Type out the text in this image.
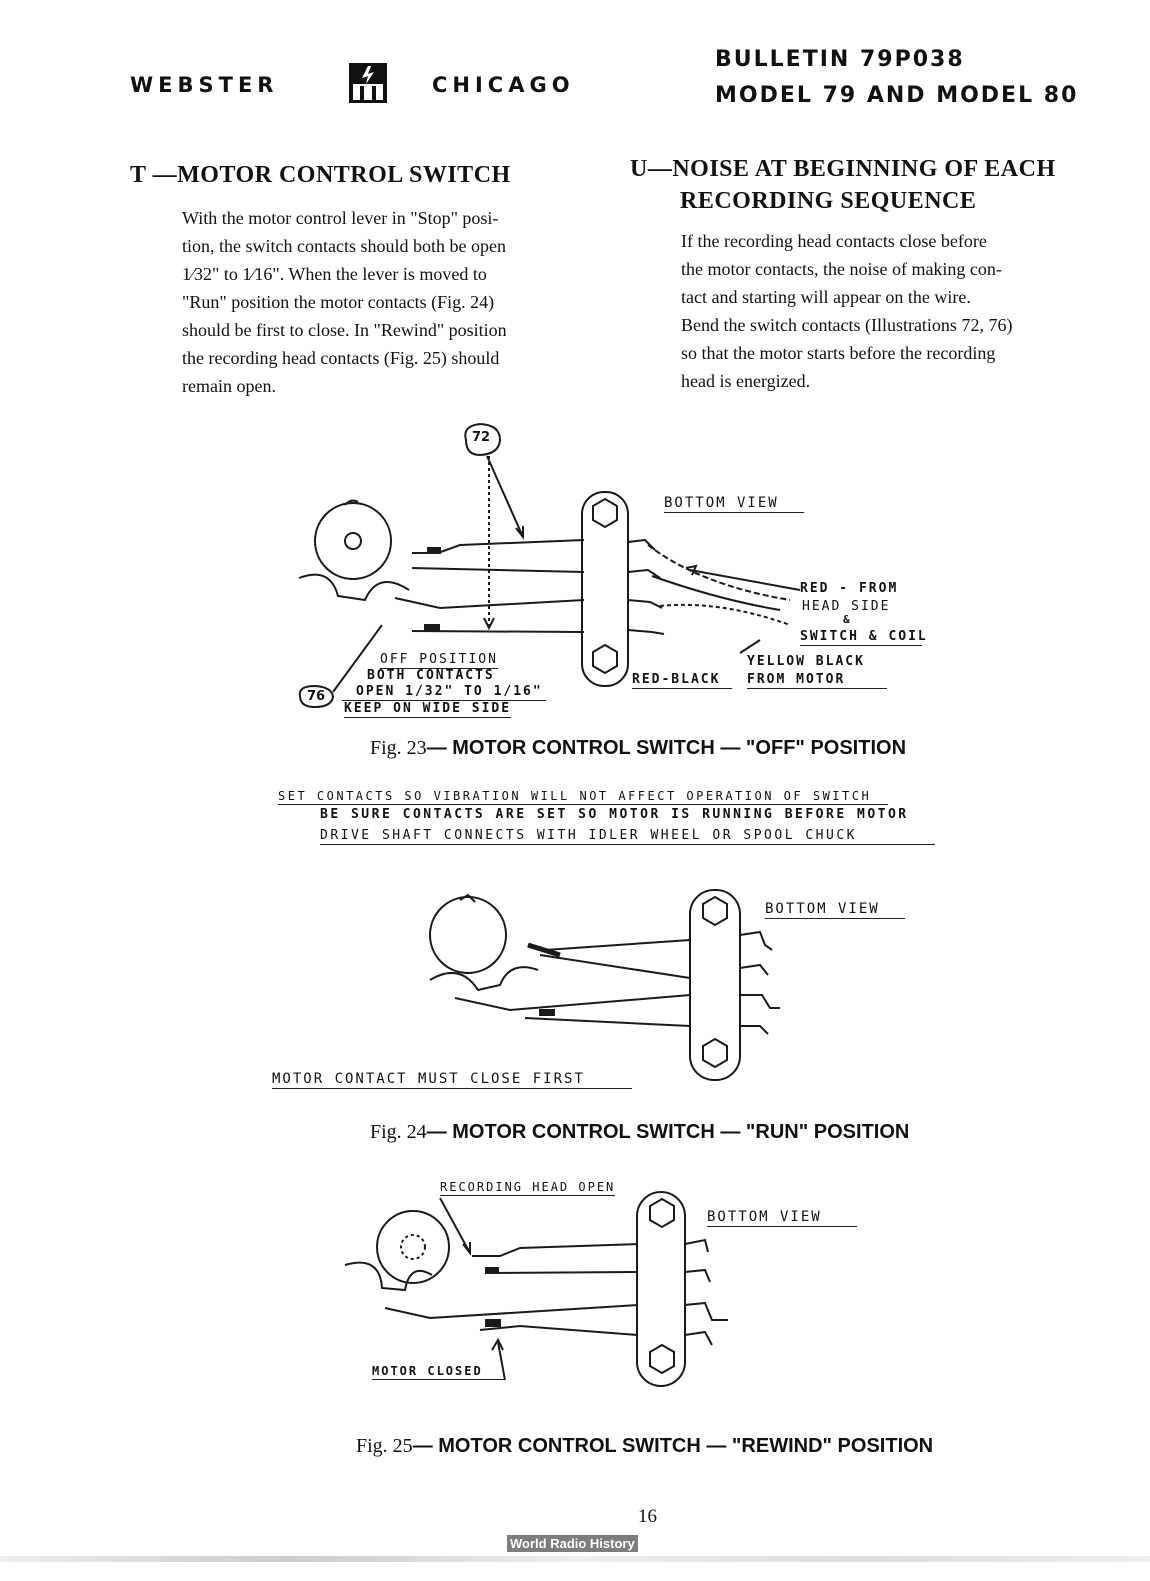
WEBSTER	CHICAGO
BULLETIN 79P038
MODEL 79 AND MODEL 80
T —MOTOR CONTROL SWITCH
With the motor control lever in "Stop" posi-
tion, the switch contacts should both be open
1⁄32" to 1⁄16". When the lever is moved to
"Run" position the motor contacts (Fig. 24)
should be first to close. In "Rewind" position
the recording head contacts (Fig. 25) should
remain open.
U—NOISE AT BEGINNING OF EACH
RECORDING SEQUENCE
If the recording head contacts close before
the motor contacts, the noise of making con-
tact and starting will appear on the wire.
Bend the switch contacts (Illustrations 72, 76)
so that the motor starts before the recording
head is energized.
72
76
BOTTOM VIEW
RED - FROM
HEAD SIDE
&
SWITCH & COIL
YELLOW BLACK
FROM MOTOR
RED-BLACK
OFF POSITION
BOTH CONTACTS
OPEN 1/32" TO 1/16"
KEEP ON WIDE SIDE
Fig. 23— MOTOR CONTROL SWITCH — "OFF" POSITION
SET CONTACTS SO VIBRATION WILL NOT AFFECT OPERATION OF SWITCH
BE SURE CONTACTS ARE SET SO MOTOR IS RUNNING BEFORE MOTOR
DRIVE SHAFT CONNECTS WITH IDLER WHEEL OR SPOOL CHUCK
BOTTOM VIEW
MOTOR CONTACT MUST CLOSE FIRST
Fig. 24— MOTOR CONTROL SWITCH — "RUN" POSITION
RECORDING HEAD OPEN
BOTTOM VIEW
MOTOR CLOSED
Fig. 25— MOTOR CONTROL SWITCH — "REWIND" POSITION
16
World Radio History
